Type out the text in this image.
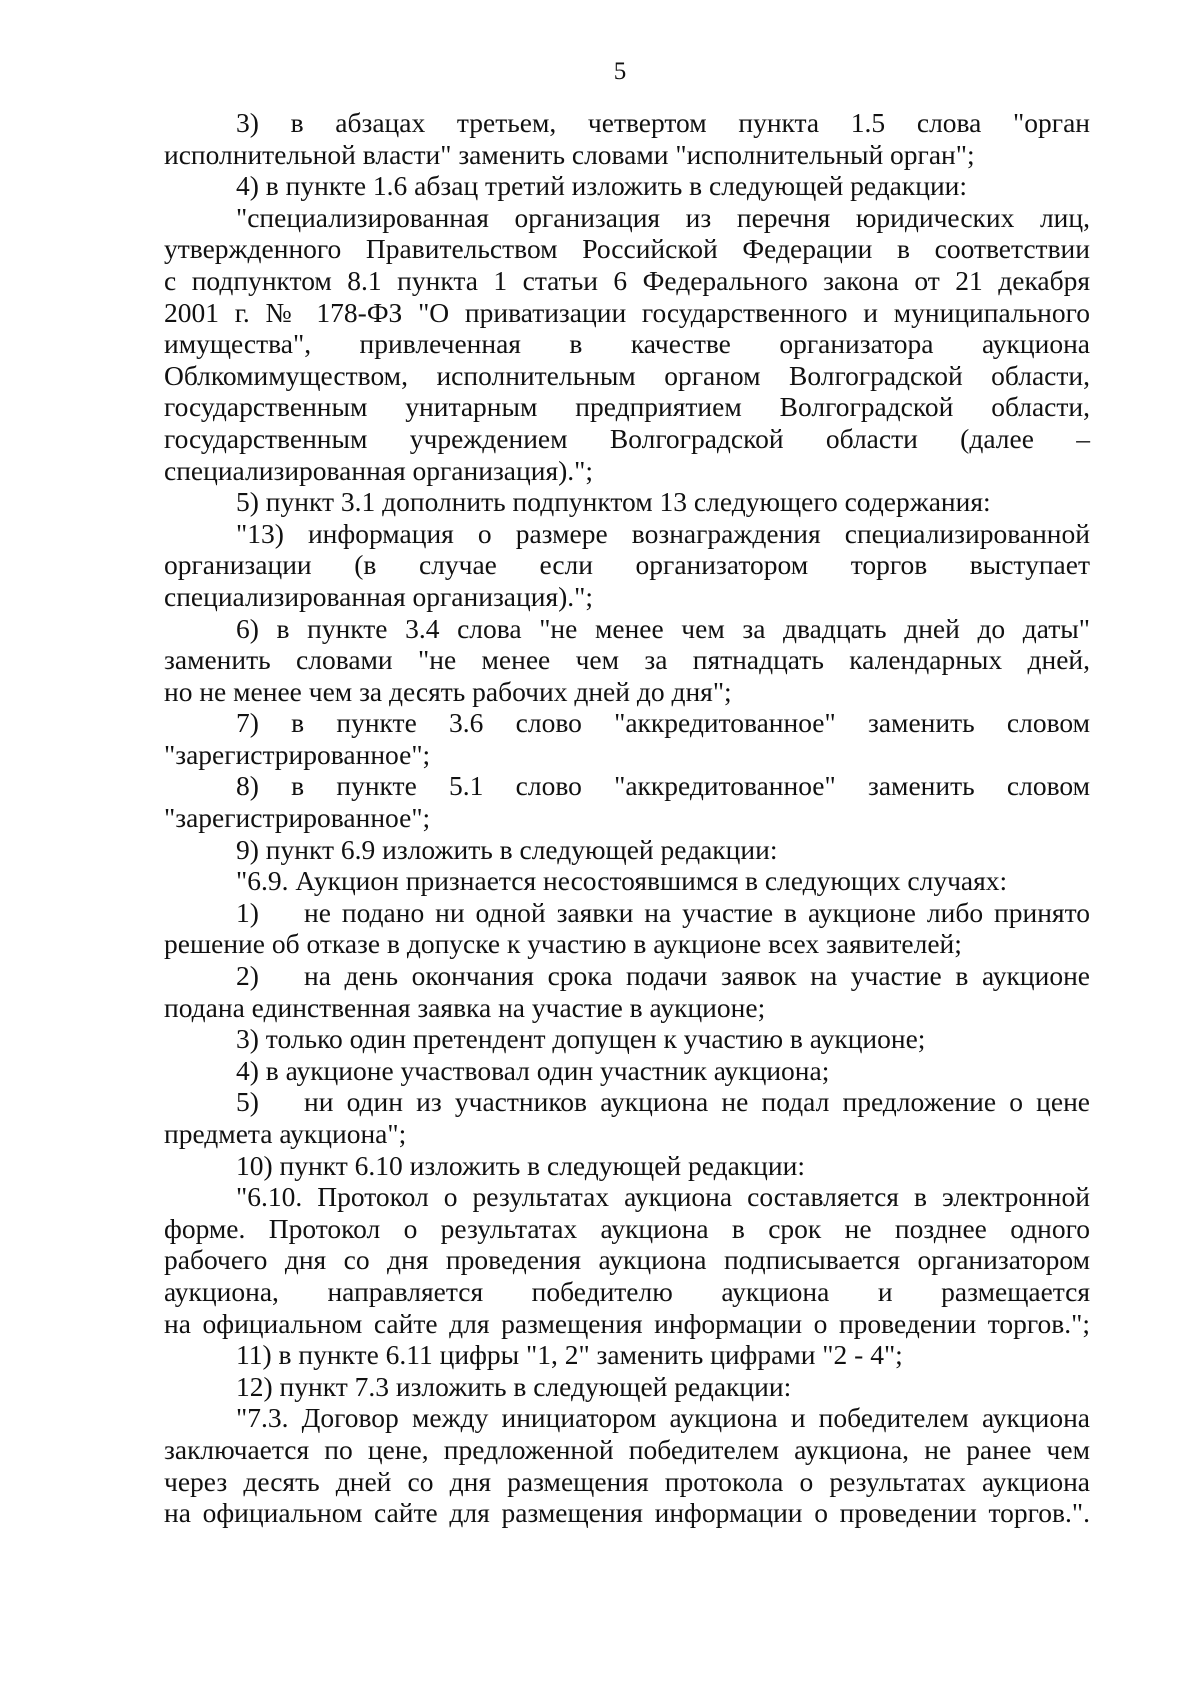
5
3) в абзацах третьем, четвертом пункта 1.5 слова "орган
исполнительной власти" заменить словами "исполнительный орган";
4) в пункте 1.6 абзац третий изложить в следующей редакции:
"специализированная организация из перечня юридических лиц,
утвержденного Правительством Российской Федерации в соответствии
с подпунктом 8.1 пункта 1 статьи 6 Федерального закона от 21 декабря
2001 г. № 178-ФЗ "О приватизации государственного и муниципального
имущества", привлеченная в качестве организатора аукциона
Облкомимуществом, исполнительным органом Волгоградской области,
государственным унитарным предприятием Волгоградской области,
государственным учреждением Волгоградской области (далее –
специализированная организация).";
5) пункт 3.1 дополнить подпунктом 13 следующего содержания:
"13) информация о размере вознаграждения специализированной
организации (в случае если организатором торгов выступает
специализированная организация).";
6) в пункте 3.4 слова "не менее чем за двадцать дней до даты"
заменить словами "не менее чем за пятнадцать календарных дней,
но не менее чем за десять рабочих дней до дня";
7) в пункте 3.6 слово "аккредитованное" заменить словом
"зарегистрированное";
8) в пункте 5.1 слово "аккредитованное" заменить словом
"зарегистрированное";
9) пункт 6.9 изложить в следующей редакции:
"6.9. Аукцион признается несостоявшимся в следующих случаях:
1) не подано ни одной заявки на участие в аукционе либо принято
решение об отказе в допуске к участию в аукционе всех заявителей;
2) на день окончания срока подачи заявок на участие в аукционе
подана единственная заявка на участие в аукционе;
3) только один претендент допущен к участию в аукционе;
4) в аукционе участвовал один участник аукциона;
5) ни один из участников аукциона не подал предложение о цене
предмета аукциона";
10) пункт 6.10 изложить в следующей редакции:
"6.10. Протокол о результатах аукциона составляется в электронной
форме. Протокол о результатах аукциона в срок не позднее одного
рабочего дня со дня проведения аукциона подписывается организатором
аукциона, направляется победителю аукциона и размещается
на официальном сайте для размещения информации о проведении торгов.";
11) в пункте 6.11 цифры "1, 2" заменить цифрами "2 - 4";
12) пункт 7.3 изложить в следующей редакции:
"7.3. Договор между инициатором аукциона и победителем аукциона
заключается по цене, предложенной победителем аукциона, не ранее чем
через десять дней со дня размещения протокола о результатах аукциона
на официальном сайте для размещения информации о проведении торгов.".
